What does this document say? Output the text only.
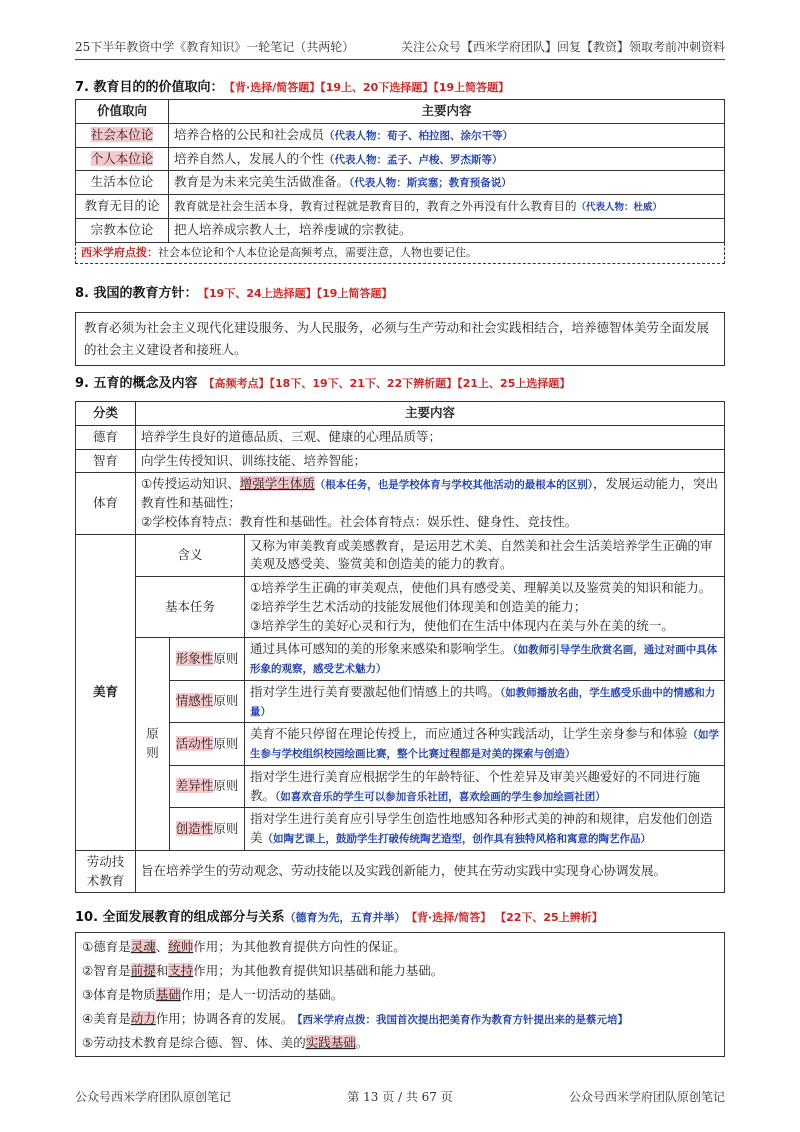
25下半年教资中学《教育知识》一轮笔记（共两轮）	关注公众号【西米学府团队】回复【教资】领取考前冲刺资料
7. 教育目的的价值取向： 【背·选择/简答题】【19上、20下选择题】【19上简答题】
价值取向	主要内容
社会本位论	培养合格的公民和社会成员（代表人物：荀子、柏拉图、涂尔干等）
个人本位论	培养自然人，发展人的个性（代表人物：孟子、卢梭、罗杰斯等）
生活本位论	教育是为未来完美生活做准备。（代表人物：斯宾塞；教育预备说）
教育无目的论	教育就是社会生活本身，教育过程就是教育目的，教育之外再没有什么教育目的（代表人物：杜威）
宗教本位论	把人培养成宗教人士，培养虔诚的宗教徒。
西米学府点拨：社会本位论和个人本位论是高频考点，需要注意，人物也要记住。	
8. 我国的教育方针： 【19下、24上选择题】【19上简答题】
教育必须为社会主义现代化建设服务、为人民服务，必须与生产劳动和社会实践相结合，培养德智体美劳全面发展的社会主义建设者和接班人。
9. 五育的概念及内容 【高频考点】【18下、19下、21下、22下辨析题】【21上、25上选择题】
分类	主要内容		
德育	培养学生良好的道德品质、三观、健康的心理品质等；		
智育	向学生传授知识、训练技能、培养智能；		
体育	①传授运动知识、增强学生体质（根本任务，也是学校体育与学校其他活动的最根本的区别），发展运动能力，突出教育性和基础性；
②学校体育特点：教育性和基础性。社会体育特点：娱乐性、健身性、竞技性。		
美育	含义		又称为审美教育或美感教育，是运用艺术美、自然美和社会生活美培养学生正确的审美观及感受美、鉴赏美和创造美的能力的教育。
	基本任务		①培养学生正确的审美观点，使他们具有感受美、理解美以及鉴赏美的知识和能力。
②培养学生艺术活动的技能发展他们体现美和创造美的能力；
③培养学生的美好心灵和行为，使他们在生活中体现内在美与外在美的统一。
	原则	形象性原则	通过具体可感知的美的形象来感染和影响学生。（如教师引导学生欣赏名画，通过对画中具体形象的观察，感受艺术魅力）
		情感性原则	指对学生进行美育要激起他们情感上的共鸣。（如教师播放名曲，学生感受乐曲中的情感和力量）
		活动性原则	美育不能只停留在理论传授上，而应通过各种实践活动，让学生亲身参与和体验（如学生参与学校组织校园绘画比赛，整个比赛过程都是对美的探索与创造）
		差异性原则	指对学生进行美育应根据学生的年龄特征、个性差异及审美兴趣爱好的不同进行施教。（如喜欢音乐的学生可以参加音乐社团，喜欢绘画的学生参加绘画社团）
		创造性原则	指对学生进行美育应引导学生创造性地感知各种形式美的神韵和规律，启发他们创造美（如陶艺课上，鼓励学生打破传统陶艺造型，创作具有独特风格和寓意的陶艺作品）
劳动技术教育	旨在培养学生的劳动观念、劳动技能以及实践创新能力，使其在劳动实践中实现身心协调发展。		
10. 全面发展教育的组成部分与关系（德育为先，五育并举） 【背·选择/简答】 【22下、25上辨析】

①德育是灵魂、统帅作用；为其他教育提供方向性的保证。

②智育是前提和支持作用；为其他教育提供知识基础和能力基础。

③体育是物质基础作用；是人一切活动的基础。

④美育是动力作用；协调各育的发展。 【西米学府点拨：我国首次提出把美育作为教育方针提出来的是蔡元培】

⑤劳动技术教育是综合德、智、体、美的实践基础。

公众号西米学府团队原创笔记	第 13 页 / 共 67 页	公众号西米学府团队原创笔记
